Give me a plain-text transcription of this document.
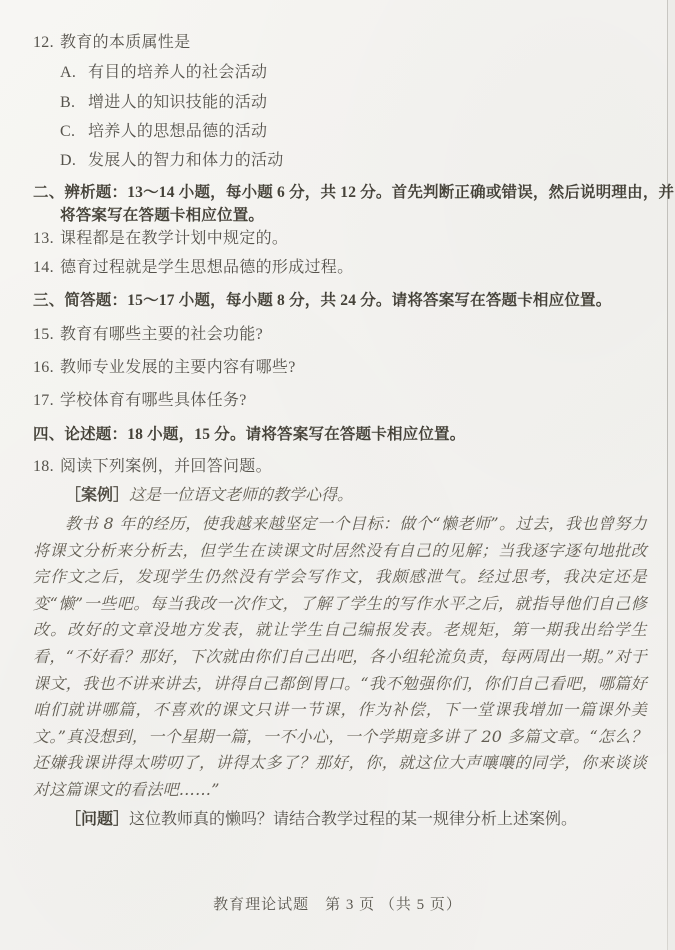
12. 教育的本质属性是
A. 有目的培养人的社会活动
B. 增进人的知识技能的活动
C. 培养人的思想品德的活动
D. 发展人的智力和体力的活动
二、辨析题：13～14 小题，每小题 6 分，共 12 分。首先判断正确或错误，然后说明理由，并
将答案写在答题卡相应位置。
13. 课程都是在教学计划中规定的。
14. 德育过程就是学生思想品德的形成过程。
三、简答题：15～17 小题，每小题 8 分，共 24 分。请将答案写在答题卡相应位置。
15. 教育有哪些主要的社会功能?
16. 教师专业发展的主要内容有哪些?
17. 学校体育有哪些具体任务?
四、论述题：18 小题，15 分。请将答案写在答题卡相应位置。
18. 阅读下列案例，并回答问题。
［案例］这是一位语文老师的教学心得。

教书 8 年的经历，使我越来越坚定一个目标：做个“懒老师”。过去，我也曾努力将课文分析来分析去，但学生在读课文时居然没有自己的见解；当我逐字逐句地批改完作文之后，发现学生仍然没有学会写作文，我颇感泄气。经过思考，我决定还是变“懒”一些吧。每当我改一次作文，了解了学生的写作水平之后，就指导他们自己修改。改好的文章没地方发表，就让学生自己编报发表。老规矩，第一期我出给学生看，“不好看？那好，下次就由你们自己出吧，各小组轮流负责，每两周出一期。”对于课文，我也不讲来讲去，讲得自己都倒胃口。“我不勉强你们，你们自己看吧，哪篇好咱们就讲哪篇，不喜欢的课文只讲一节课，作为补偿，下一堂课我增加一篇课外美文。”真没想到，一个星期一篇，一不小心，一个学期竟多讲了 20 多篇文章。“怎么？还嫌我课讲得太唠叨了，讲得太多了？那好，你，就这位大声嚷嚷的同学，你来谈谈对这篇课文的看法吧……”

［问题］这位教师真的懒吗？请结合教学过程的某一规律分析上述案例。
教育理论试题　第 3 页 （共 5 页）
